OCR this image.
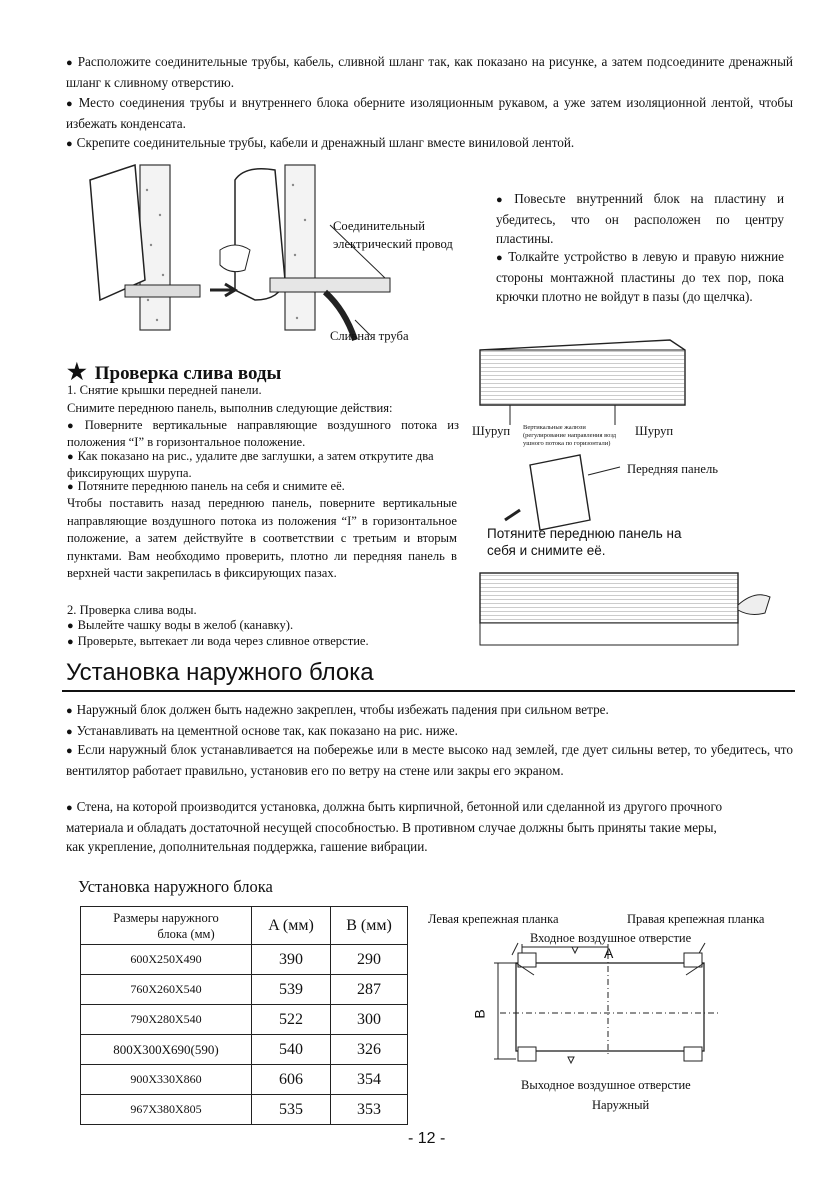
● Расположите соединительные трубы, кабель, сливной шланг так, как показано на рисунке, а затем подсоедините дренажный шланг к сливному отверстию.
● Место соединения трубы и внутреннего блока оберните изоляционным рукавом, а уже затем изоляционной лентой, чтобы избежать конденсата.
● Скрепите соединительные трубы, кабели и дренажный шланг вместе виниловой лентой.
Соединительный
электрический провод
Сливная труба
● Повесьте внутренний блок на пластину и убедитесь, что он расположен по центру пластины.
● Толкайте устройство в левую и правую нижние стороны монтажной пластины до тех пор, пока крючки плотно не войдут в пазы (до щелчка).
★ Проверка слива воды
1. Снятие крышки передней панели.
Снимите переднюю панель, выполнив следующие действия:
● Поверните вертикальные направляющие воздушного потока из положения “I” в горизонтальное положение.
● Как показано на рис., удалите две заглушки, а затем открутите два фиксирующих шурупа.
● Потяните переднюю панель на себя и снимите её.
Чтобы поставить назад переднюю панель, поверните вертикальные направляющие воздушного потока из положения “I” в горизонтальное положение, а затем действуйте в соответствии с третьим и вторым пунктами. Вам необходимо проверить, плотно ли передняя панель в верхней части закрепилась в фиксирующих пазах.
2. Проверка слива воды.
● Вылейте чашку воды в желоб (канавку).
● Проверьте, вытекает ли вода через сливное отверстие.
Шуруп	Шуруп
Вертикальные жалюзи
(регулирование направления возд
ушного потока по горизонтали)
Передняя панель
Потяните переднюю панель на
себя и снимите её.
Установка наружного блока
● Наружный блок должен быть надежно закреплен, чтобы избежать падения при сильном ветре.
● Устанавливать на цементной основе так, как показано на рис. ниже.
● Если наружный блок устанавливается на побережье или в месте высоко над землей, где дует сильны ветер, то убедитесь, что вентилятор работает правильно, установив его по ветру на стене или закры его экраном.
● Стена, на которой производится установка, должна быть кирпичной, бетонной или сделанной из другого прочного материала и обладать достаточной несущей способностью. В противном случае должны быть приняты такие меры, как укрепление, дополнительная поддержка, гашение вибрации.
Установка наружного блока
Размеры наружного
блока (мм)	A (мм)	B (мм)
600X250X490	390	290
760X260X540	539	287
790X280X540	522	300
800X300X690(590)	540	326
900X330X860	606	354
967X380X805	535	353
Левая крепежная планка	Правая крепежная планка
Входное воздушное отверстие
A
B
Выходное воздушное отверстие
Наружный
- 12 -
